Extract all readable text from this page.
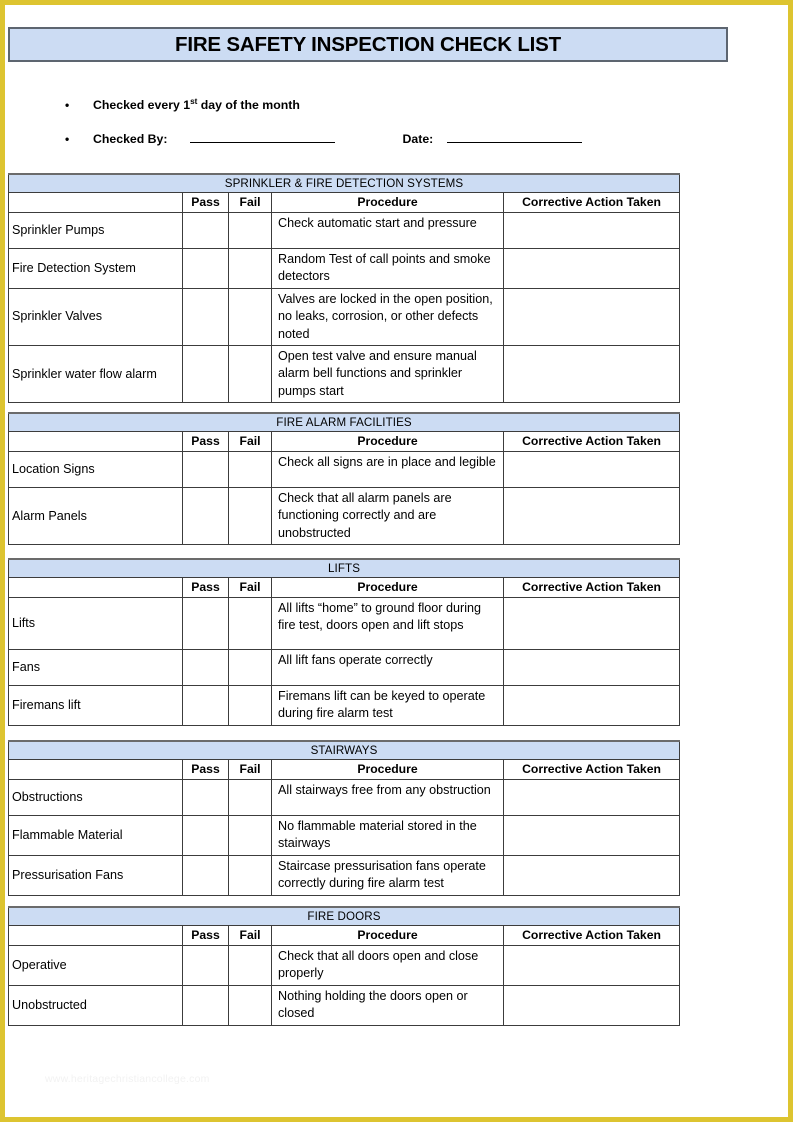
FIRE SAFETY INSPECTION CHECK LIST
•	Checked every 1st day of the month
•	Checked By:	Date:
SPRINKLER & FIRE DETECTION SYSTEMS				
	Pass	Fail	Procedure	Corrective Action Taken
Sprinkler Pumps			Check automatic start and pressure	
Fire Detection System			Random Test of call points and smoke detectors	
Sprinkler Valves			Valves are locked in the open position, no leaks, corrosion, or other defects noted	
Sprinkler water flow alarm			Open test valve and ensure manual alarm bell functions and sprinkler pumps start	
FIRE ALARM FACILITIES				
	Pass	Fail	Procedure	Corrective Action Taken
Location Signs			Check all signs are in place and legible	
Alarm Panels			Check that all alarm panels are functioning correctly and are unobstructed	
LIFTS				
	Pass	Fail	Procedure	Corrective Action Taken
Lifts			All lifts “home” to ground floor during fire test, doors open and lift stops	
Fans			All lift fans operate correctly	
Firemans lift			Firemans lift can be keyed to operate during fire alarm test	
STAIRWAYS				
	Pass	Fail	Procedure	Corrective Action Taken
Obstructions			All stairways free from any obstruction	
Flammable Material			No flammable material stored in the stairways	
Pressurisation Fans			Staircase pressurisation fans operate correctly during fire alarm test	
FIRE DOORS				
	Pass	Fail	Procedure	Corrective Action Taken
Operative			Check that all doors open and close properly	
Unobstructed			Nothing holding the doors open or closed	
www.heritagechristiancollege.com
